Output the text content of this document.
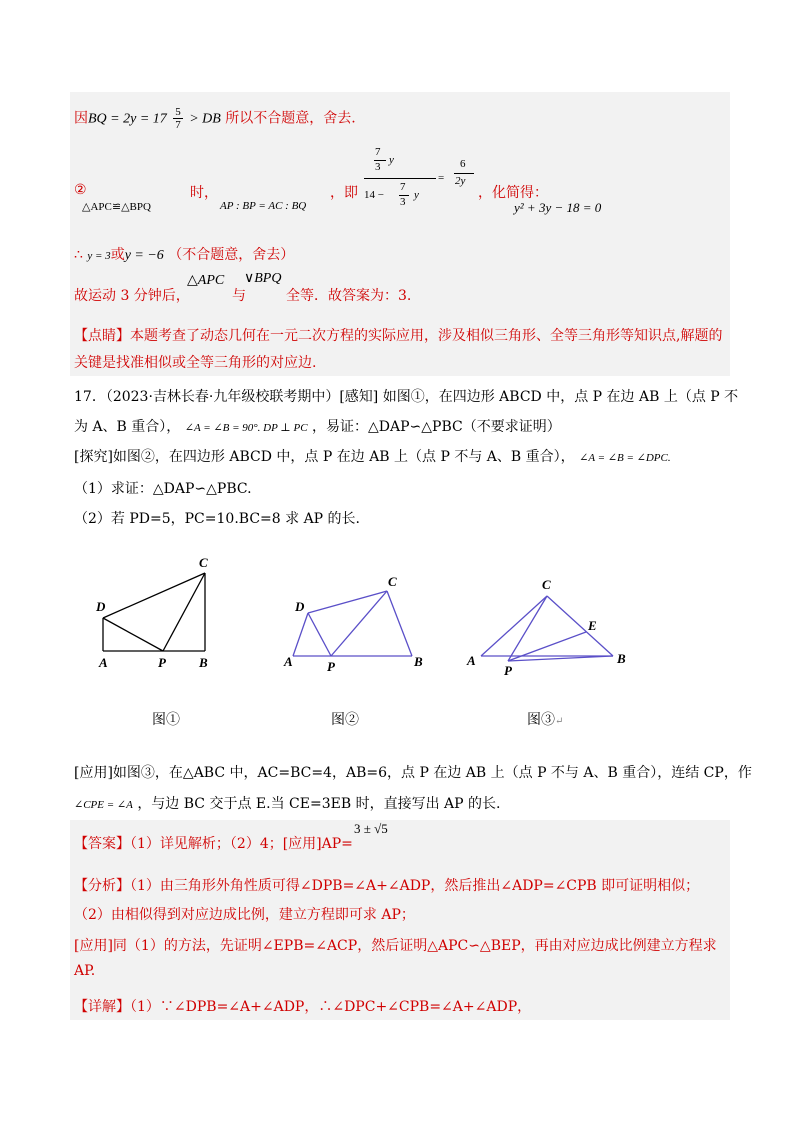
因BQ = $2y = 17 \frac{5}{7}$ > DB 所以不合题意，舍去.
②	时，
△APC≌△BPQ	AP : BP = AC : BQ
，即
7
3
y
14 −
7
3
y
=
6
2y
，化简得：
y² + 3y − 18 = 0
∴ y = 3或y = −6 （不合题意，舍去）
故运动 3 分钟后，
△APC
与
∨BPQ
全等．故答案为：3.
【点睛】本题考查了动态几何在一元二次方程的实际应用，涉及相似三角形、全等三角形等知识点,解题的
关键是找准相似或全等三角形的对应边.
17．（2023·吉林长春·九年级校联考期中）[感知] 如图①，在四边形 ABCD 中，点 P 在边 AB 上（点 P 不
为 A、B 重合）， ∠A = ∠B = 90°. DP ⊥ PC ，易证：△DAP∽△PBC（不要求证明）
[探究]如图②，在四边形 ABCD 中，点 P 在边 AB 上（点 P 不与 A、B 重合）， ∠A = ∠B = ∠DPC.
（1）求证：△DAP∽△PBC.
（2）若 PD=5，PC=10.BC=8 求 AP 的长.
C
D
A	P	B
C
D
A	P	B
C
E
A
P
B
图①	图②	图③↵
[应用]如图③，在△ABC 中，AC=BC=4，AB=6，点 P 在边 AB 上（点 P 不与 A、B 重合），连结 CP，作
∠CPE = ∠A ，与边 BC 交于点 E.当 CE=3EB 时，直接写出 AP 的长.
【答案】（1）详见解析；（2）4；[应用]AP=
3 ± √5
【分析】（1）由三角形外角性质可得∠DPB=∠A+∠ADP，然后推出∠ADP=∠CPB 即可证明相似；
（2）由相似得到对应边成比例，建立方程即可求 AP；
[应用]同（1）的方法，先证明∠EPB=∠ACP，然后证明△APC∽△BEP，再由对应边成比例建立方程求
AP.
【详解】（1）∵∠DPB=∠A+∠ADP，∴∠DPC+∠CPB=∠A+∠ADP，
